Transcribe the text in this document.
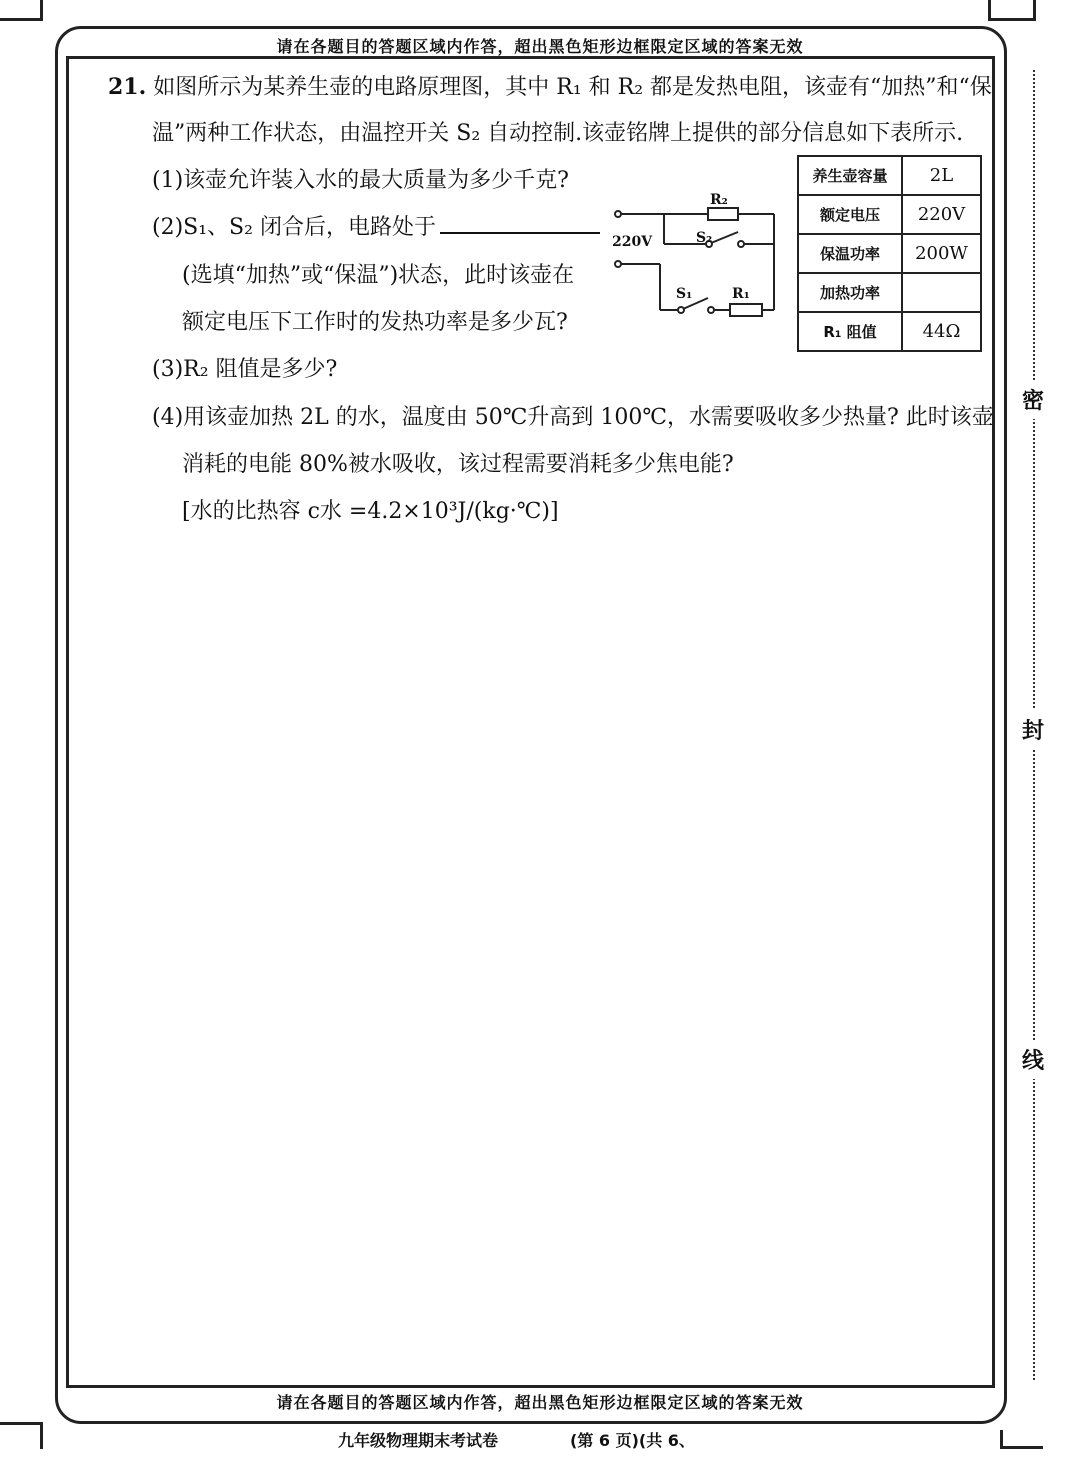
请在各题目的答题区域内作答，超出黑色矩形边框限定区域的答案无效
请在各题目的答题区域内作答，超出黑色矩形边框限定区域的答案无效
21. 如图所示为某养生壶的电路原理图，其中 R₁ 和 R₂ 都是发热电阻，该壶有“加热”和“保
温”两种工作状态，由温控开关 S₂ 自动控制.该壶铭牌上提供的部分信息如下表所示.
(1)该壶允许装入水的最大质量为多少千克?
(2)S₁、S₂ 闭合后，电路处于
(选填“加热”或“保温”)状态，此时该壶在
额定电压下工作时的发热功率是多少瓦?
(3)R₂ 阻值是多少?
(4)用该壶加热 2L 的水，温度由 50℃升高到 100℃，水需要吸收多少热量? 此时该壶
消耗的电能 80%被水吸收，该过程需要消耗多少焦电能?
[水的比热容 c水 =4.2×10³J/(kg·℃)]
220V
R₂
S₂
S₁	R₁
养生壶容量	2L
额定电压	220V
保温功率	200W
加热功率	
R₁ 阻值	44Ω
密
封
线
九年级物理期末考试卷	(第 6 页)(共 6、
